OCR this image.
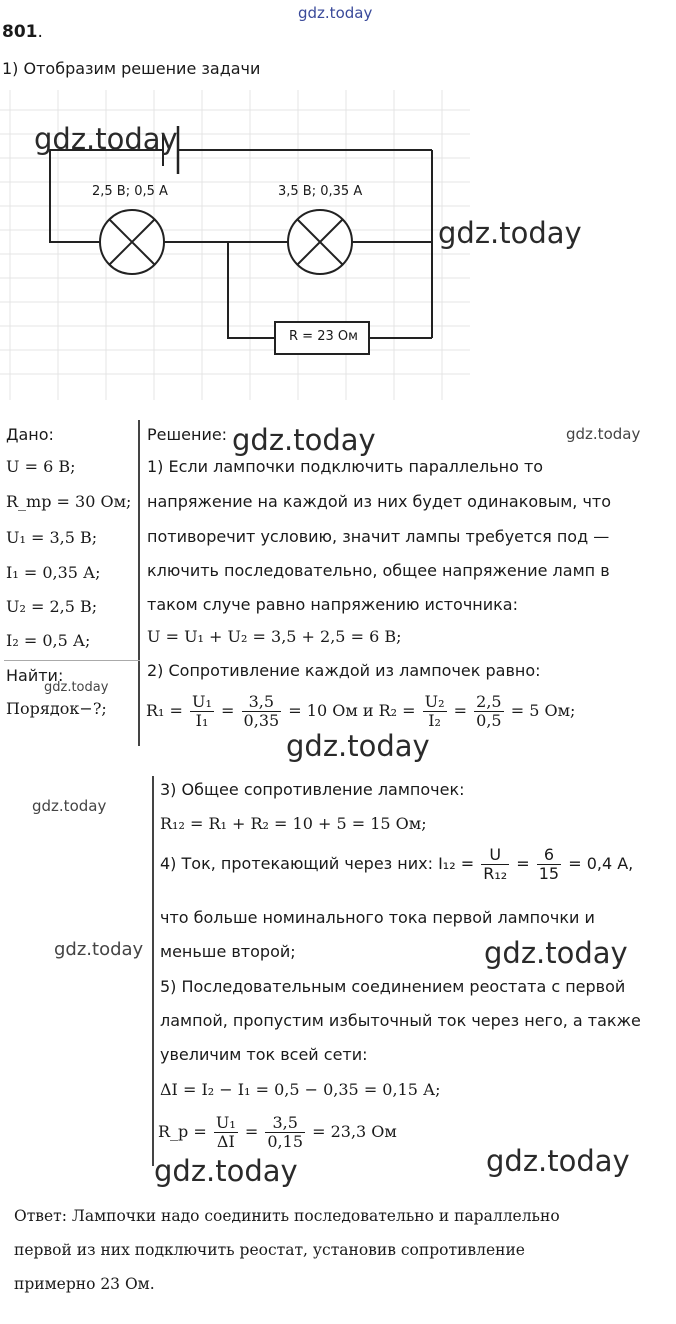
gdz.today
801.
1) Отобразим решение задачи
2,5 В; 0,5 А	3,5 В; 0,35 А
R = 23 Ом
gdz.today
gdz.today
Дано:
U = 6 В;
R_mp = 30 Ом;
U₁ = 3,5 В;
I₁ = 0,35 А;
U₂ = 2,5 В;
I₂ = 0,5 А;
Найти:
gdz.today
Порядок−?;
Решение: gdz.today	gdz.today
1) Если лампочки подключить параллельно то
напряжение на каждой из них будет одинаковым, что
потиворечит условию, значит лампы требуется под —
ключить последовательно, общее напряжение ламп в
таком случе равно напряжению источника:
U = U₁ + U₂ = 3,5 + 2,5 = 6 В;
2) Сопротивление каждой из лампочек равно:
$R_1 = \frac{\text{U₁}}{\text{I₁}} = \frac{3,5}{0,35} = 10$ Ом и $R_2 = \frac{\text{U₂}}{\text{I₂}} = \frac{2,5}{0,5} = 5$ Ом;
gdz.today
gdz.today
3) Общее сопротивление лампочек:
R₁₂ = R₁ + R₂ = 10 + 5 = 15 Ом;
4) Ток, протекающий через них: $I_{12} = \frac{U}{\text{R₁₂}} = \frac{6}{15} = 0,4$ А,
что больше номинального тока первой лампочки и
меньше второй;
gdz.today	gdz.today
5) Последовательным соединением реостата с первой
лампой, пропустим избыточный ток через него, а также
увеличим ток всей сети:
ΔI = I₂ − I₁ = 0,5 − 0,35 = 0,15 А;
R_p = $\frac{\text{U₁}}{\Delta I} = \frac{3,5}{0,15} = 23,3$ Ом
gdz.today	gdz.today
Ответ: Лампочки надо соединить последовательно и параллельно
первой из них подключить реостат, установив сопротивление
примерно 23 Ом.
